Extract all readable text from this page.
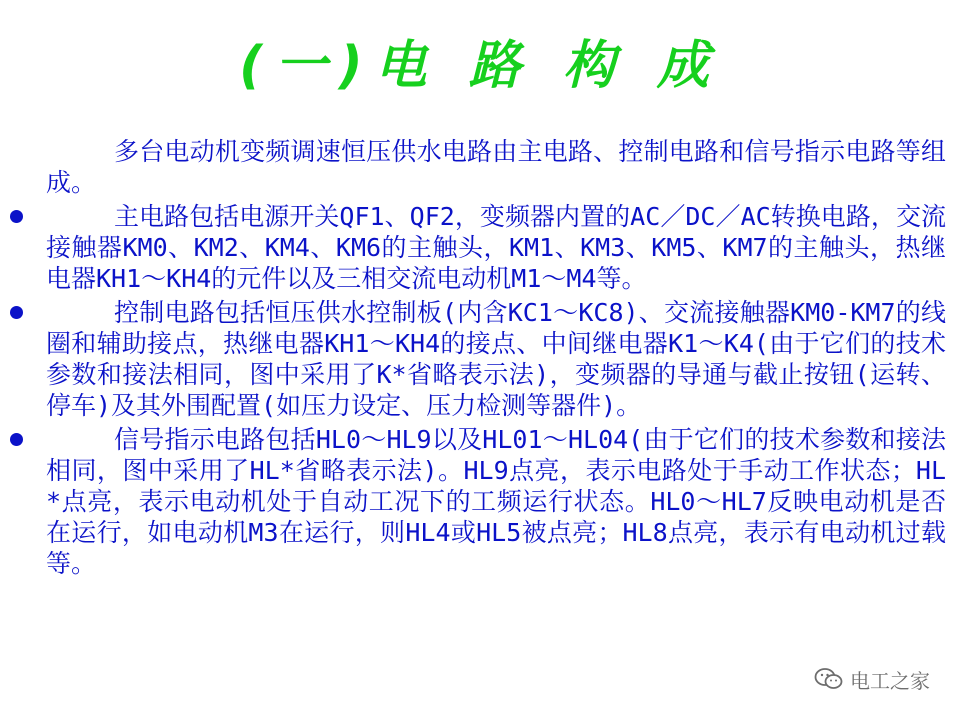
(一)电 路 构 成

多台电动机变频调速恒压供水电路由主电路、控制电路和信号指示电路等组成。

主电路包括电源开关QF1、QF2，变频器内置的AC／DC／AC转换电路，交流接触器KM0、KM2、KM4、KM6的主触头，KM1、KM3、KM5、KM7的主触头，热继电器KH1～KH4的元件以及三相交流电动机M1～M4等。

控制电路包括恒压供水控制板(内含KC1～KC8)、交流接触器KM0-KM7的线圈和辅助接点，热继电器KH1～KH4的接点、中间继电器K1～K4(由于它们的技术参数和接法相同，图中采用了K*省略表示法)，变频器的导通与截止按钮(运转、停车)及其外围配置(如压力设定、压力检测等器件)。

信号指示电路包括HL0～HL9以及HL01～HL04(由于它们的技术参数和接法相同，图中采用了HL*省略表示法)。HL9点亮，表示电路处于手动工作状态；HL*点亮，表示电动机处于自动工况下的工频运行状态。HL0～HL7反映电动机是否在运行，如电动机M3在运行，则HL4或HL5被点亮；HL8点亮，表示有电动机过载等。

电工之家
